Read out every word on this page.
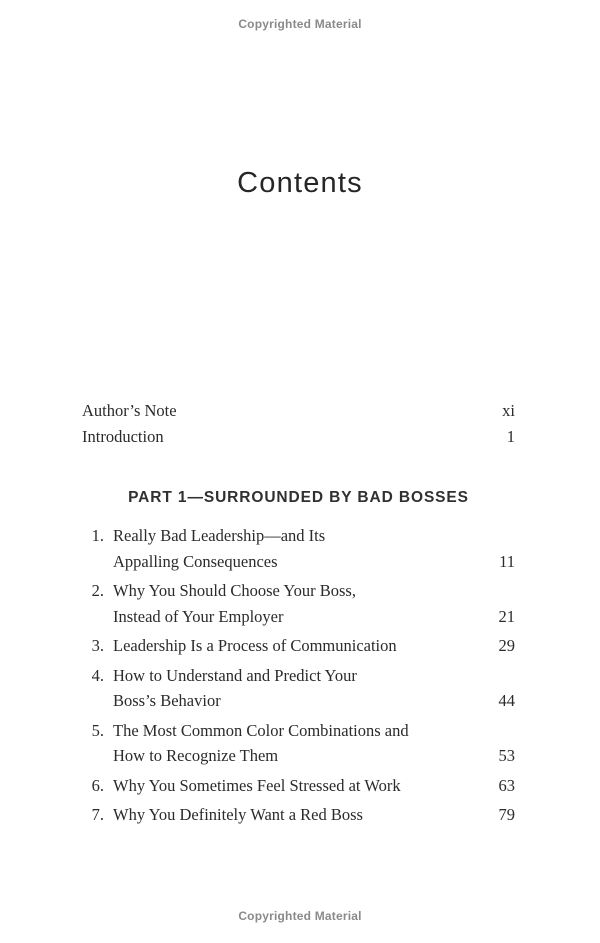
Copyrighted Material
Contents
Author’s Note	xi
Introduction	1
PART 1—SURROUNDED BY BAD BOSSES
1. Really Bad Leadership—and Its
Appalling Consequences	11
2. Why You Should Choose Your Boss,
Instead of Your Employer	21
3. Leadership Is a Process of Communication	29
4. How to Understand and Predict Your
Boss’s Behavior	44
5. The Most Common Color Combinations and
How to Recognize Them	53
6. Why You Sometimes Feel Stressed at Work	63
7. Why You Definitely Want a Red Boss	79
Copyrighted Material
